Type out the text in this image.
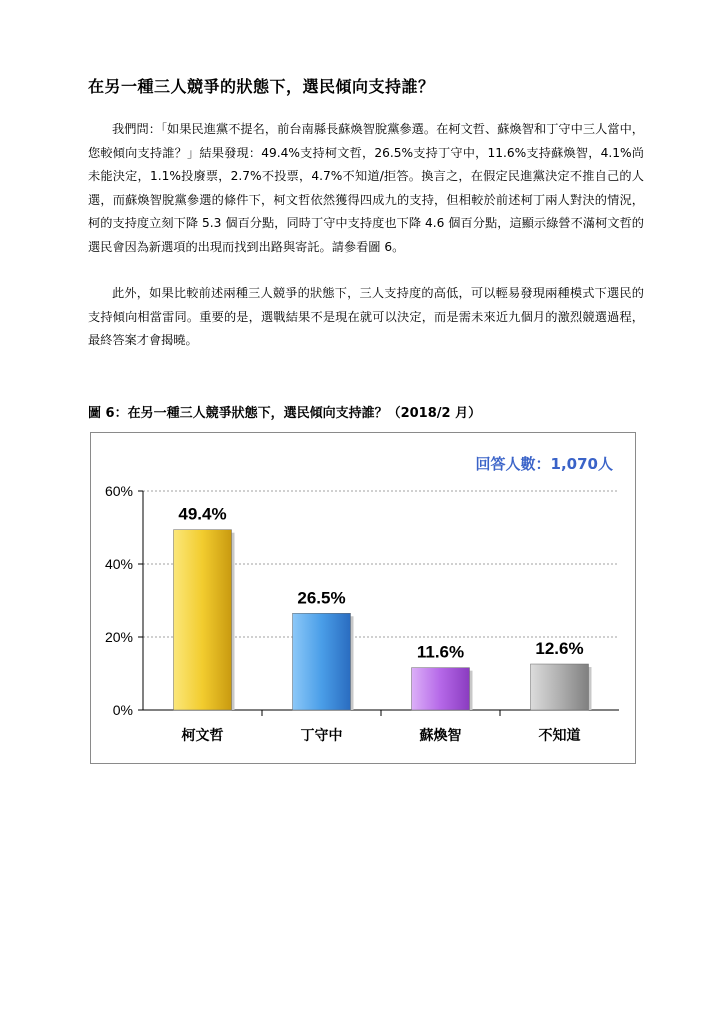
在另一種三人競爭的狀態下，選民傾向支持誰？
我們問：「如果民進黨不提名，前台南縣長蘇煥智脫黨參選。在柯文哲、蘇煥智和丁守中三人當中，您較傾向支持誰？」結果發現：49.4%支持柯文哲，26.5%支持丁守中，11.6%支持蘇煥智，4.1%尚未能決定，1.1%投廢票，2.7%不投票，4.7%不知道/拒答。換言之，在假定民進黨決定不推自己的人選，而蘇煥智脫黨參選的條件下，柯文哲依然獲得四成九的支持，但相較於前述柯丁兩人對決的情況，柯的支持度立刻下降 5.3 個百分點，同時丁守中支持度也下降 4.6 個百分點，這顯示綠營不滿柯文哲的選民會因為新選項的出現而找到出路與寄託。請參看圖 6。
此外，如果比較前述兩種三人競爭的狀態下，三人支持度的高低，可以輕易發現兩種模式下選民的支持傾向相當雷同。重要的是，選戰結果不是現在就可以決定，而是需未來近九個月的激烈競選過程，最終答案才會揭曉。
圖 6：在另一種三人競爭狀態下，選民傾向支持誰？（2018/2 月）
回答人數：1,070人
0%
20%
40%
60%
49.4%
柯文哲
26.5%
丁守中
11.6%
蘇煥智
12.6%
不知道
